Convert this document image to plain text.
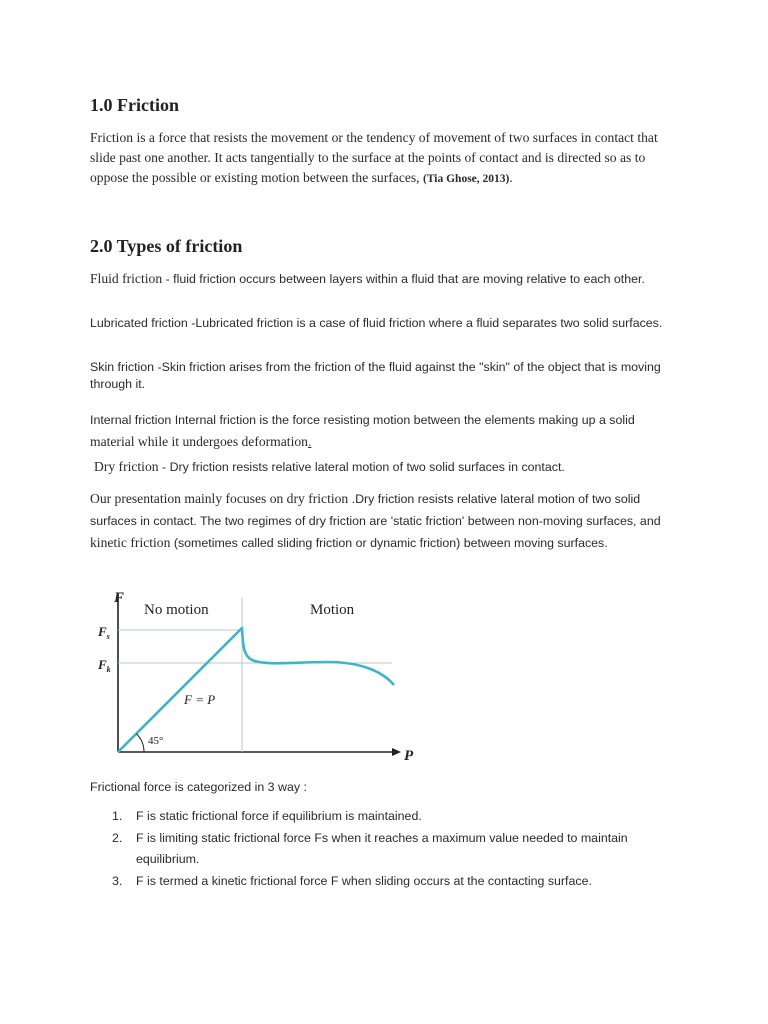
1.0 Friction

Friction is a force that resists the movement or the tendency of movement of two surfaces in contact that slide past one another. It acts tangentially to the surface at the points of contact and is directed so as to oppose the possible or existing motion between the surfaces, (Tia Ghose, 2013).

2.0 Types of friction

Fluid friction - fluid friction occurs between layers within a fluid that are moving relative to each other.

Lubricated friction -Lubricated friction is a case of fluid friction where a fluid separates two solid surfaces.

Skin friction -Skin friction arises from the friction of the fluid against the "skin" of the object that is moving through it.

Internal friction Internal friction is the force resisting motion between the elements making up a solid
material while it undergoes deformation.

Dry friction - Dry friction resists relative lateral motion of two solid surfaces in contact.

Our presentation mainly focuses on dry friction .Dry friction resists relative lateral motion of two solid surfaces in contact. The two regimes of dry friction are 'static friction' between non-moving surfaces, and kinetic friction (sometimes called sliding friction or dynamic friction) between moving surfaces.

F
P
No motion	Motion
$F_s$
$F_k$
F = P
45°

Frictional force is categorized in 3 way :

1. F is static frictional force if equilibrium is maintained.
2. F is limiting static frictional force Fs when it reaches a maximum value needed to maintain equilibrium.
3. F is termed a kinetic frictional force F when sliding occurs at the contacting surface.
